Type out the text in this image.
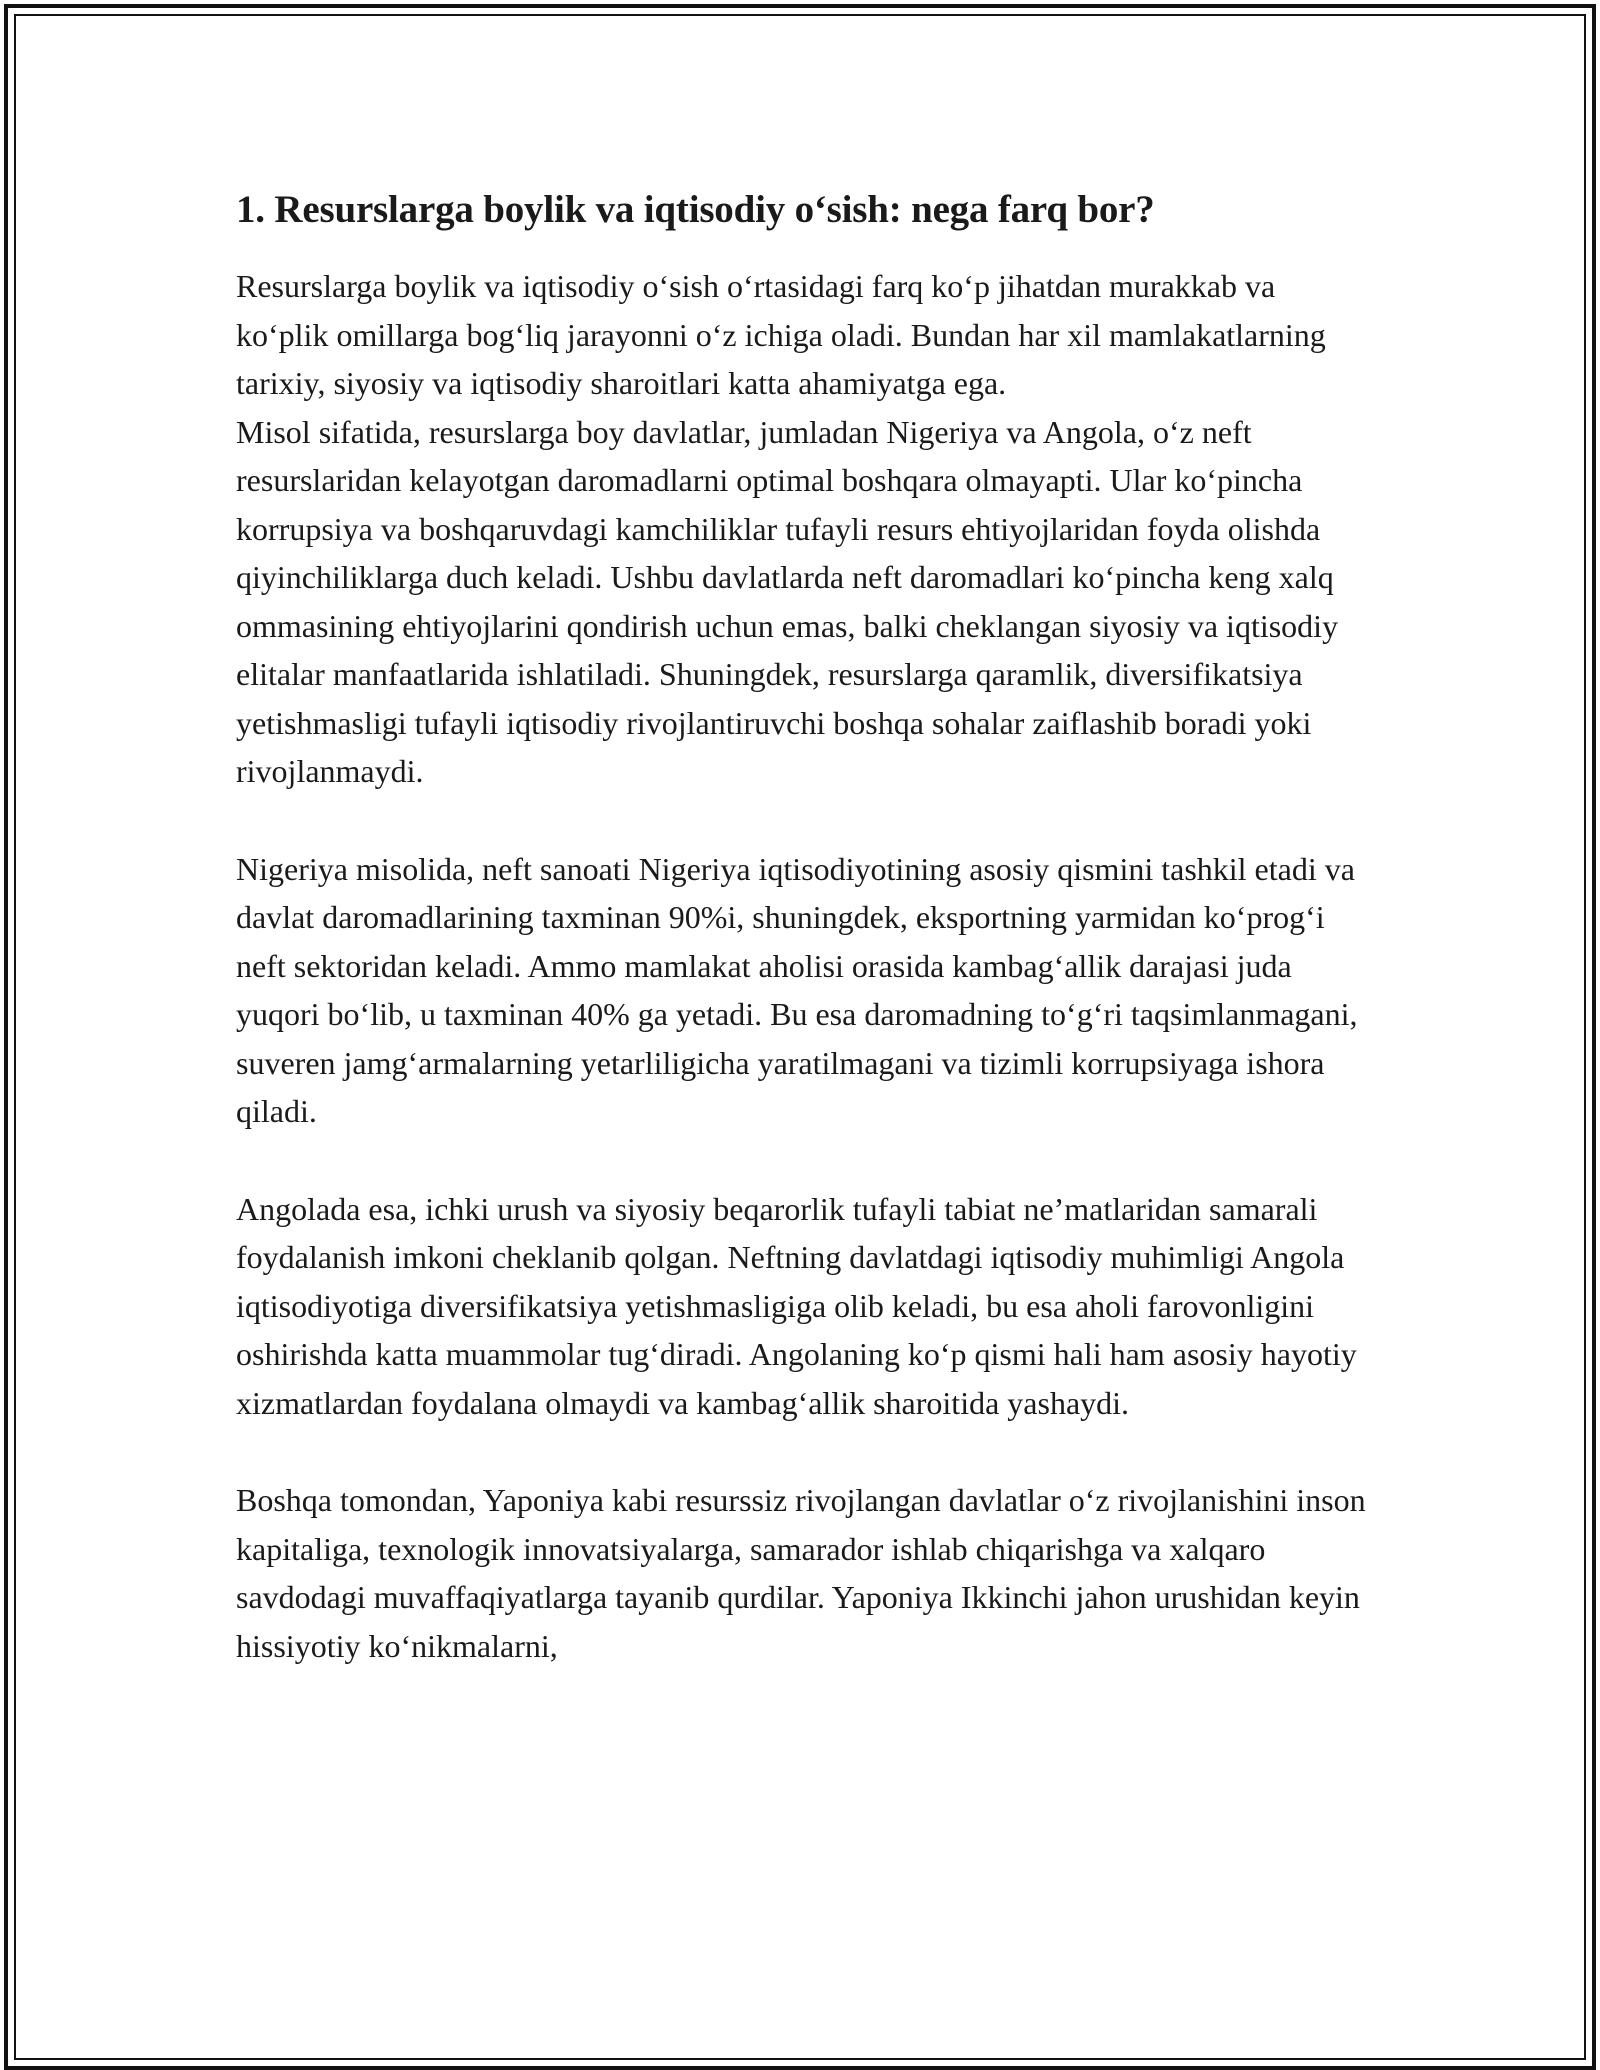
1. Resurslarga boylik va iqtisodiy o‘sish: nega farq bor?

Resurslarga boylik va iqtisodiy o‘sish o‘rtasidagi farq ko‘p jihatdan murakkab va ko‘plik omillarga bog‘liq jarayonni o‘z ichiga oladi. Bundan har xil mamlakatlarning tarixiy, siyosiy va iqtisodiy sharoitlari katta ahamiyatga ega.

Misol sifatida, resurslarga boy davlatlar, jumladan Nigeriya va Angola, o‘z neft resurslaridan kelayotgan daromadlarni optimal boshqara olmayapti. Ular ko‘pincha korrupsiya va boshqaruvdagi kamchiliklar tufayli resurs ehtiyojlaridan foyda olishda qiyinchiliklarga duch keladi. Ushbu davlatlarda neft daromadlari ko‘pincha keng xalq ommasining ehtiyojlarini qondirish uchun emas, balki cheklangan siyosiy va iqtisodiy elitalar manfaatlarida ishlatiladi. Shuningdek, resurslarga qaramlik, diversifikatsiya yetishmasligi tufayli iqtisodiy rivojlantiruvchi boshqa sohalar zaiflashib boradi yoki rivojlanmaydi.

Nigeriya misolida, neft sanoati Nigeriya iqtisodiyotining asosiy qismini tashkil etadi va davlat daromadlarining taxminan 90%i, shuningdek, eksportning yarmidan ko‘prog‘i neft sektoridan keladi. Ammo mamlakat aholisi orasida kambag‘allik darajasi juda yuqori bo‘lib, u taxminan 40% ga yetadi. Bu esa daromadning to‘g‘ri taqsimlanmagani, suveren jamg‘armalarning yetarliligicha yaratilmagani va tizimli korrupsiyaga ishora qiladi.

Angolada esa, ichki urush va siyosiy beqarorlik tufayli tabiat ne’matlaridan samarali foydalanish imkoni cheklanib qolgan. Neftning davlatdagi iqtisodiy muhimligi Angola iqtisodiyotiga diversifikatsiya yetishmasligiga olib keladi, bu esa aholi farovonligini oshirishda katta muammolar tug‘diradi. Angolaning ko‘p qismi hali ham asosiy hayotiy xizmatlardan foydalana olmaydi va kambag‘allik sharoitida yashaydi.

Boshqa tomondan, Yaponiya kabi resurssiz rivojlangan davlatlar o‘z rivojlanishini inson kapitaliga, texnologik innovatsiyalarga, samarador ishlab chiqarishga va xalqaro savdodagi muvaffaqiyatlarga tayanib qurdilar. Yaponiya Ikkinchi jahon urushidan keyin hissiyotiy ko‘nikmalarni,
